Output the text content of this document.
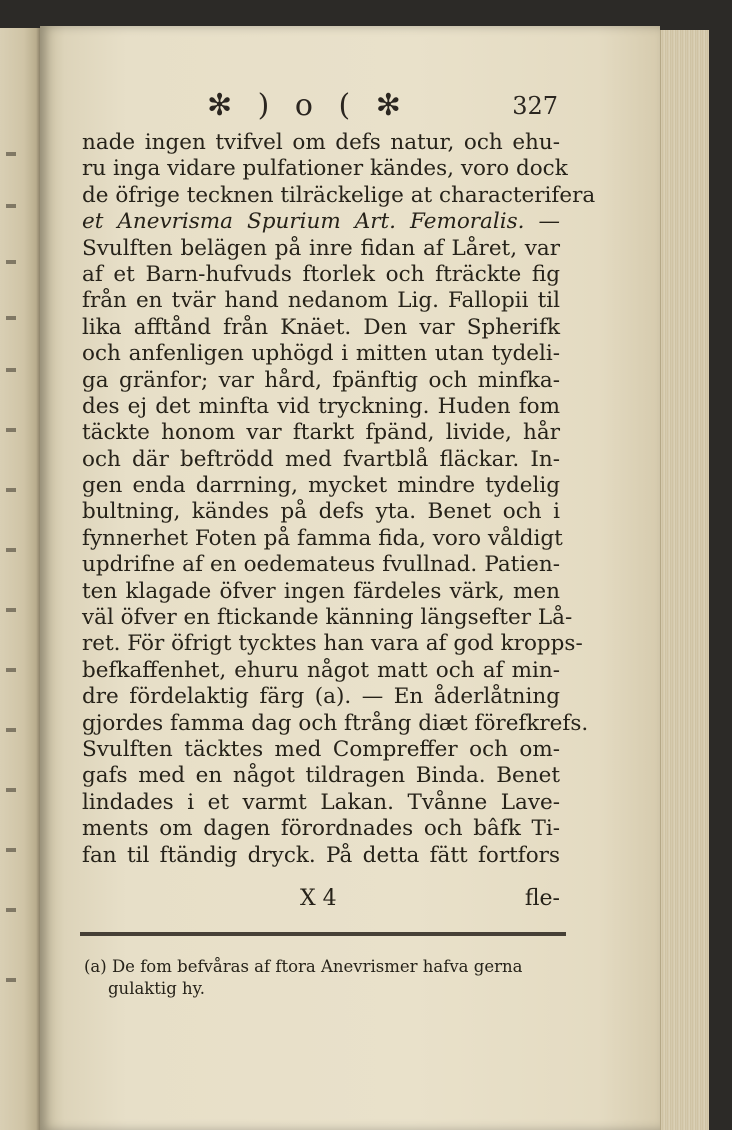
✻ ) o ( ✻	327
nade ingen tvifvel om defs natur, och ehu-
ru inga vidare pulfationer kändes, voro dock
de öfrige tecknen tilräckelige at characterifera
et Anevrisma Spurium Art. Femoralis. —
Svulften belägen på inre fidan af Låret, var
af et Barn-hufvuds ftorlek och fträckte fig
från en tvär hand nedanom Lig. Fallopii til
lika afftånd från Knäet. Den var Spherifk
och anfenligen uphögd i mitten utan tydeli-
ga gränfor; var hård, fpänftig och minfka-
des ej det minfta vid tryckning. Huden fom
täckte honom var ftarkt fpänd, livide, hår
och där beftrödd med fvartblå fläckar. In-
gen enda darrning, mycket mindre tydelig
bultning, kändes på defs yta. Benet och i
fynnerhet Foten på famma fida, voro våldigt
updrifne af en oedemateus fvullnad. Patien-
ten klagade öfver ingen färdeles värk, men
väl öfver en ftickande känning längsefter Lå-
ret. För öfrigt tycktes han vara af god kropps-
befkaffenhet, ehuru något matt och af min-
dre fördelaktig färg (a). — En åderlåtning
gjordes famma dag och ftrång diæt förefkrefs.
Svulften täcktes med Compreffer och om-
gafs med en något tildragen Binda. Benet
lindades i et varmt Lakan. Tvånne Lave-
ments om dagen förordnades och bâfk Ti-
fan til ftändig dryck. På detta fätt fortfors
X 4	fle-
(a) De fom befvåras af ftora Anevrismer hafva gerna
gulaktig hy.
